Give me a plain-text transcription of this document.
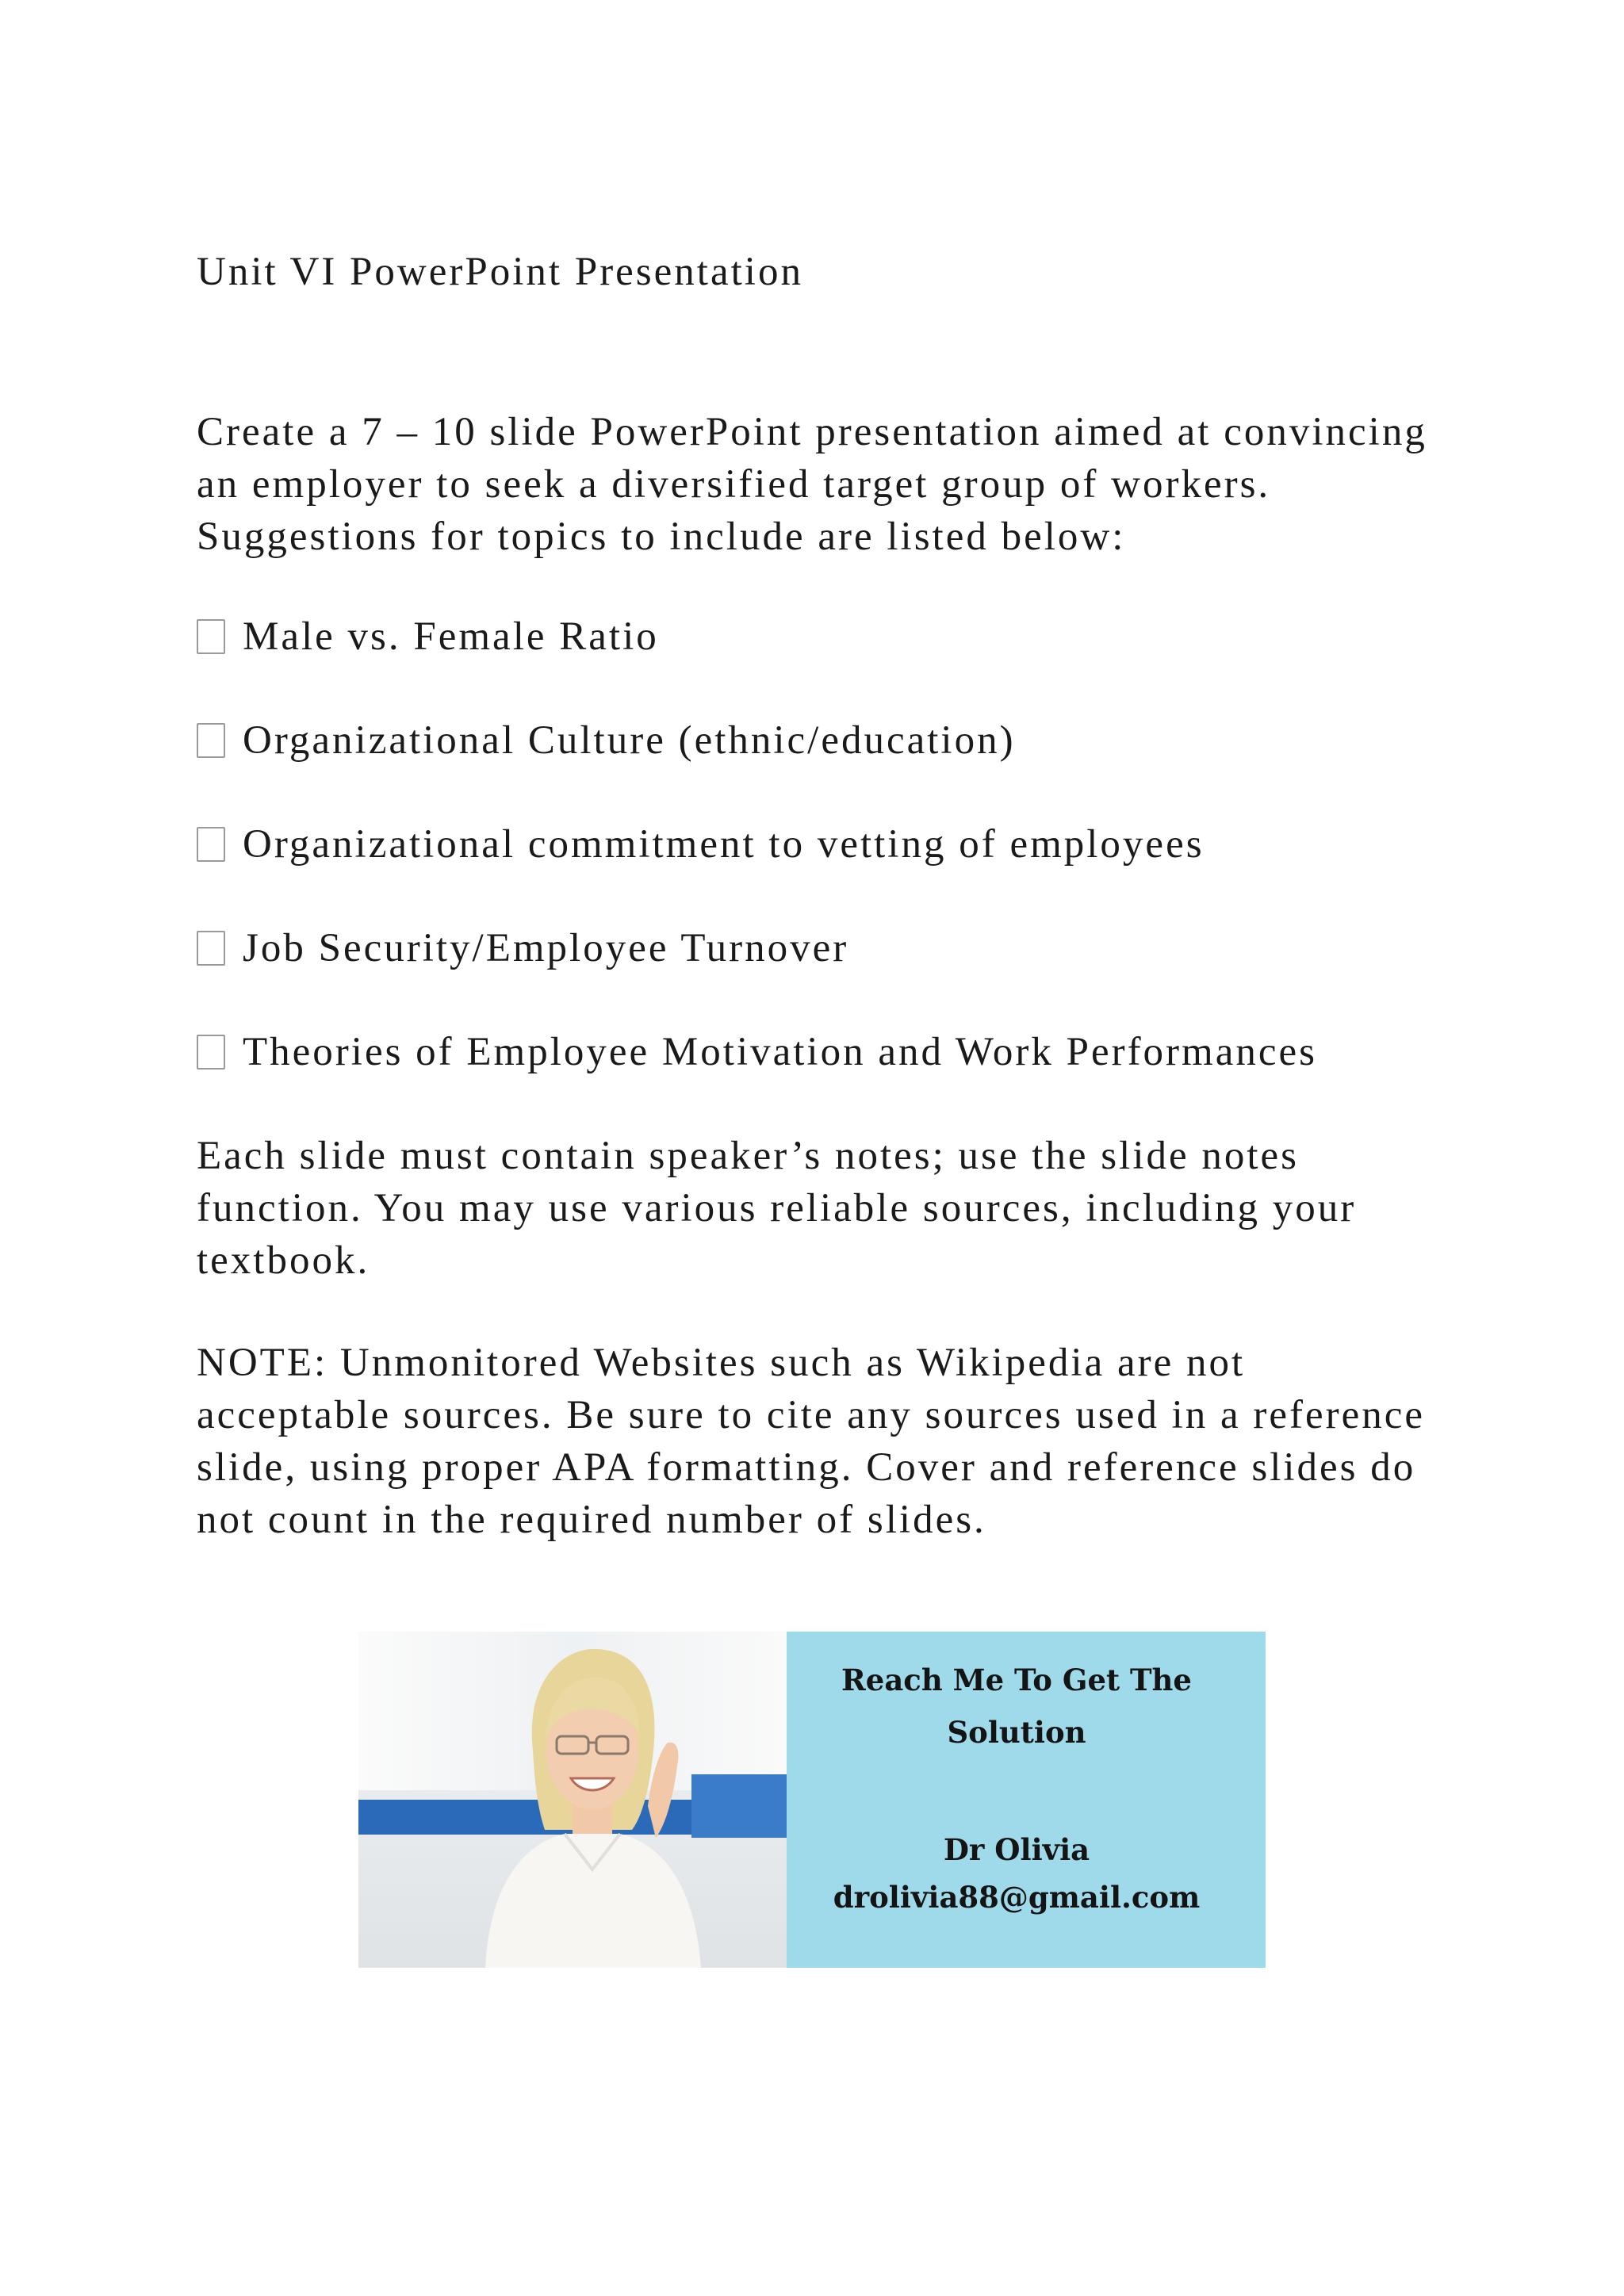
Unit VI PowerPoint Presentation

Create a 7 – 10 slide PowerPoint presentation aimed at convincing an employer to seek a diversified target group of workers. Suggestions for topics to include are listed below:

Male vs. Female Ratio

Organizational Culture (ethnic/education)

Organizational commitment to vetting of employees

Job Security/Employee Turnover

Theories of Employee Motivation and Work Performances

Each slide must contain speaker’s notes; use the slide notes function. You may use various reliable sources, including your textbook.

NOTE: Unmonitored Websites such as Wikipedia are not acceptable sources. Be sure to cite any sources used in a reference slide, using proper APA formatting. Cover and reference slides do not count in the required number of slides.

Reach Me To Get The
Solution
Dr Olivia
drolivia88@gmail.com
